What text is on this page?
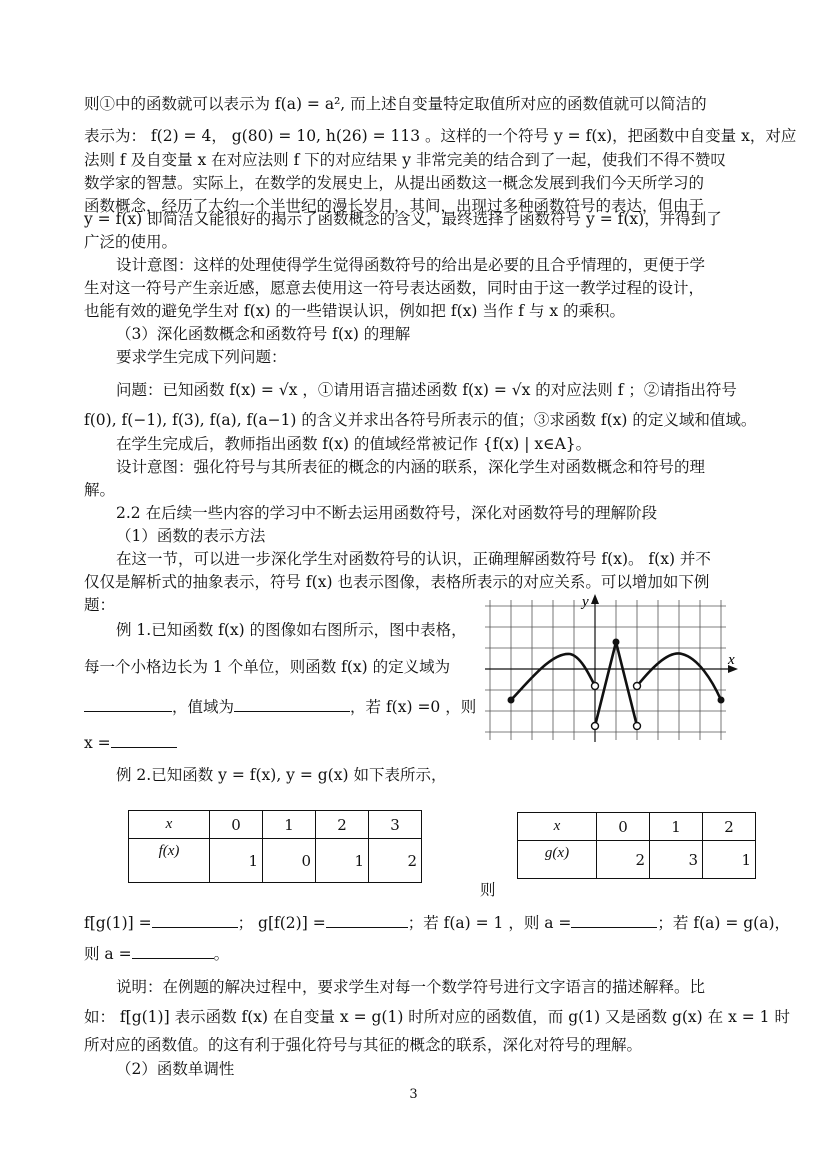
则①中的函数就可以表示为 f(a) = a², 而上述自变量特定取值所对应的函数值就可以简洁的
表示为： f(2) = 4， g(80) = 10, h(26) = 113 。这样的一个符号 y = f(x)，把函数中自变量 x，对应
法则 f 及自变量 x 在对应法则 f 下的对应结果 y 非常完美的结合到了一起，使我们不得不赞叹
数学家的智慧。实际上，在数学的发展史上，从提出函数这一概念发展到我们今天所学习的
函数概念，经历了大约一个半世纪的漫长岁月，其间，出现过多种函数符号的表达，但由于
y = f(x) 即简洁又能很好的揭示了函数概念的含义，最终选择了函数符号 y = f(x)，并得到了
广泛的使用。
设计意图：这样的处理使得学生觉得函数符号的给出是必要的且合乎情理的，更便于学
生对这一符号产生亲近感，愿意去使用这一符号表达函数，同时由于这一教学过程的设计，
也能有效的避免学生对 f(x) 的一些错误认识，例如把 f(x) 当作 f 与 x 的乘积。
（3）深化函数概念和函数符号 f(x) 的理解
要求学生完成下列问题：
问题：已知函数 f(x) = √x ，①请用语言描述函数 f(x) = √x 的对应法则 f ；②请指出符号
f(0), f(−1), f(3), f(a), f(a−1) 的含义并求出各符号所表示的值；③求函数 f(x) 的定义域和值域。
在学生完成后，教师指出函数 f(x) 的值域经常被记作 {f(x) | x∈A}。
设计意图：强化符号与其所表征的概念的内涵的联系，深化学生对函数概念和符号的理
解。
2.2 在后续一些内容的学习中不断去运用函数符号，深化对函数符号的理解阶段
（1）函数的表示方法
在这一节，可以进一步深化学生对函数符号的认识，正确理解函数符号 f(x)。 f(x) 并不
仅仅是解析式的抽象表示，符号 f(x) 也表示图像，表格所表示的对应关系。可以增加如下例
题：
例 1.已知函数 f(x) 的图像如右图所示，图中表格，
每一个小格边长为 1 个单位，则函数 f(x) 的定义域为
，值域为	，若 f(x) =0 ，则
x =
x
y
例 2.已知函数 y = f(x), y = g(x) 如下表所示，
x	0	1	2	3
f(x)	1	0	1	2
x	0	1	2
g(x)	2	3	1
则
f[g(1)] =	； g[f(2)] =	；若 f(a) = 1 ，则 a =	；若 f(a) = g(a)，
则 a =	。
说明：在例题的解决过程中，要求学生对每一个数学符号进行文字语言的描述解释。比
如： f[g(1)] 表示函数 f(x) 在自变量 x = g(1) 时所对应的函数值，而 g(1) 又是函数 g(x) 在 x = 1 时
所对应的函数值。的这有利于强化符号与其征的概念的联系，深化对符号的理解。
（2）函数单调性
3
